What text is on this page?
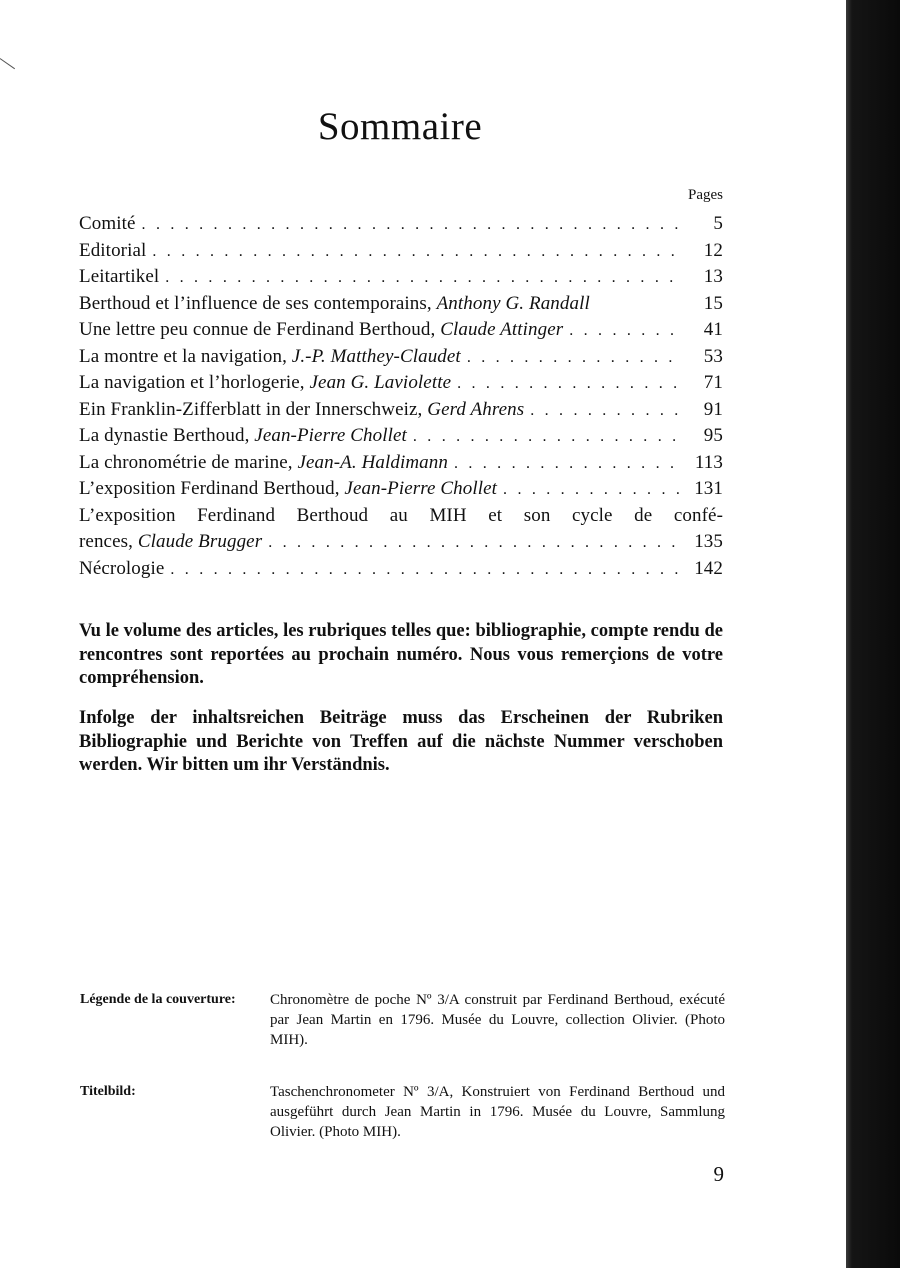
Sommaire
Pages
Comité . . .	5
Editorial . . .	12
Leitartikel . . .	13
Berthoud et l’influence de ses contemporains, Anthony G. Randall	15
Une lettre peu connue de Ferdinand Berthoud, Claude Attinger . . .	41
La montre et la navigation, J.-P. Matthey-Claudet . . .	53
La navigation et l’horlogerie, Jean G. Laviolette . . .	71
Ein Franklin-Zifferblatt in der Innerschweiz, Gerd Ahrens . . .	91
La dynastie Berthoud, Jean-Pierre Chollet . . .	95
La chronométrie de marine, Jean-A. Haldimann . . .	113
L’exposition Ferdinand Berthoud, Jean-Pierre Chollet . . .	131
L’exposition Ferdinand Berthoud au MIH et son cycle de confé-
rences, Claude Brugger . . .	135
Nécrologie . . .	142

Vu le volume des articles, les rubriques telles que: bibliographie, compte rendu de rencontres sont reportées au prochain numéro. Nous vous remerçions de votre compréhension.

Infolge der inhaltsreichen Beiträge muss das Erscheinen der Rubriken Bibliographie und Berichte von Treffen auf die nächste Nummer verschoben werden. Wir bitten um ihr Verständnis.

Légende de la couverture:	Chronomètre de poche Nº 3/A construit par Ferdinand Berthoud, exécuté par Jean Martin en 1796. Musée du Louvre, collection Olivier. (Photo MIH).
Titelbild:	Taschenchronometer Nº 3/A, Konstruiert von Ferdinand Berthoud und ausgeführt durch Jean Martin in 1796. Musée du Louvre, Sammlung Olivier. (Photo MIH).
9
